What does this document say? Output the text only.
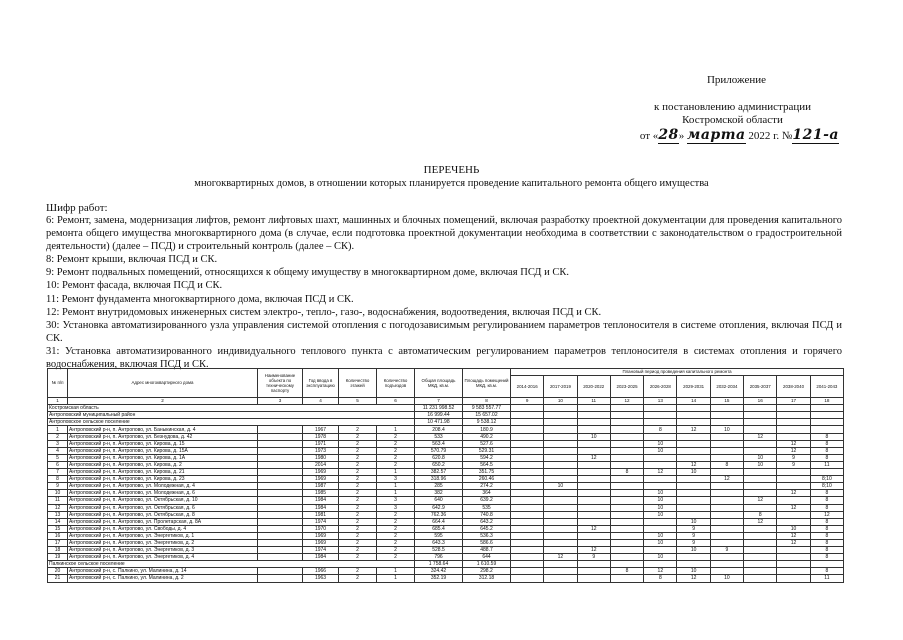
Приложение
к постановлению администрации
Костромской области
от «28» марта 2022 г. №121-а
ПЕРЕЧЕНЬ
многоквартирных домов, в отношении которых планируется проведение капитального ремонта общего имущества
Шифр работ:

6: Ремонт, замена, модернизация лифтов, ремонт лифтовых шахт, машинных и блочных помещений, включая разработку проектной документации для проведения капитального ремонта общего имущества многоквартирного дома (в случае, если подготовка проектной документации необходима в соответствии с законодательством о градостроительной деятельности) (далее – ПСД) и строительный контроль (далее – СК).

8: Ремонт крыши, включая ПСД и СК.

9: Ремонт подвальных помещений, относящихся к общему имуществу в многоквартирном доме, включая ПСД и СК.

10: Ремонт фасада, включая ПСД и СК.

11: Ремонт фундамента многоквартирного дома, включая ПСД и СК.

12: Ремонт внутридомовых инженерных систем электро-, тепло-, газо-, водоснабжения, водоотведения, включая ПСД и СК.

30: Установка автоматизированного узла управления системой отопления с погодозависимым регулированием параметров теплоносителя в системе отопления, включая ПСД и СК.

31: Установка автоматизированного индивидуального теплового пункта с автоматическим регулированием параметров теплоносителя в системах отопления и горячего водоснабжения, включая ПСД и СК.

№ п/п	Адрес многоквартирного дома	Наименование объекта по техническому паспорту	Год ввода в эксплуатацию	Количество этажей	Количество подъездов	Общая площадь МКД, кв.м.	Площадь помещений МКД, кв.м.	Плановый период проведения капитального ремонта									
								2014-2016	2017-2019	2020-2022	2023-2025	2026-2028	2029-2031	2032-2034	2035-2037	2038-2040	2041-2043
1	2	3	4	5	6	7	8	9	10	11	12	13	14	15	16	17	18
Костромская область						11 231 998.52	9 583 557.77										
Антроповский муниципальный район						16 999.44	15 657.02										
Антроповское сельское поселение						10 471.98	9 538.12										
1	Антроповский р-н, п. Антропово, ул. Баныкинская, д. 4		1967	2	1	208.4	180.9					8	12	10			
2	Антроповский р-н, п. Антропово, ул. Безнудова, д. 42		1978	2	2	533	490.2			10					12		8
3	Антроповский р-н, п. Антропово, ул. Кирова, д. 15		1971	2	2	563.4	527.6					10				12	8
4	Антроповский р-н, п. Антропово, ул. Кирова, д. 15А		1973	2	2	570.79	529.31					10				12	8
5	Антроповский р-н, п. Антропово, ул. Кирова, д. 1А		1980	2	2	620.8	594.2			12					10	9	8
6	Антроповский р-н, п. Антропово, ул. Кирова, д. 2		2014	2	2	650.2	564.5						12	8	10	9	11
7	Антроповский р-н, п. Антропово, ул. Кирова, д. 21		1969	2	1	382.57	351.75				8	12	10				
8	Антроповский р-н, п. Антропово, ул. Кирова, д. 23		1969	2	3	318.96	260.46							12			8;10
9	Антроповский р-н, п. Антропово, ул. Молодежная, д. 4		1987	2	1	285	274.2		10								8;10
10	Антроповский р-н, п. Антропово, ул. Молодежная, д. 6		1985	2	1	382	364					10				12	8
11	Антроповский р-н, п. Антропово, ул. Октябрьская, д. 10		1984	2	3	640	639.2					10			12		8
12	Антроповский р-н, п. Антропово, ул. Октябрьская, д. 6		1984	2	3	642.9	535					10				12	8
13	Антроповский р-н, п. Антропово, ул. Октябрьская, д. 8		1981	2	2	762.36	740.8					10			8		12
14	Антроповский р-н, п. Антропово, ул. Пролетарская, д. 8А		1974	2	2	664.4	643.2						10		12		8
15	Антроповский р-н, п. Антропово, ул. Свободы, д. 4		1970	2	2	685.4	645.2			12			9			10	8
16	Антроповский р-н, п. Антропово, ул. Энергетиков, д. 1		1969	2	2	595	536.3					10	9			12	8
17	Антроповский р-н, п. Антропово, ул. Энергетиков, д. 2		1969	2	2	643.3	586.6					10	9			12	8
18	Антроповский р-н, п. Антропово, ул. Энергетиков, д. 3		1974	2	2	528.5	488.7			12			10	9			8
19	Антроповский р-н, п. Антропово, ул. Энергетиков, д. 4		1984	2	2	796	644		12	9		10					8
Палкинское сельское поселение						1 758.64	1 610.59										
20	Антроповский р-н, с. Палкино, ул. Малинина, д. 14		1966	2	1	324.42	298.2				8	12	10				8
21	Антроповский р-н, с. Палкино, ул. Малинина, д. 2		1963	2	1	352.19	312.18					8	12	10			11
